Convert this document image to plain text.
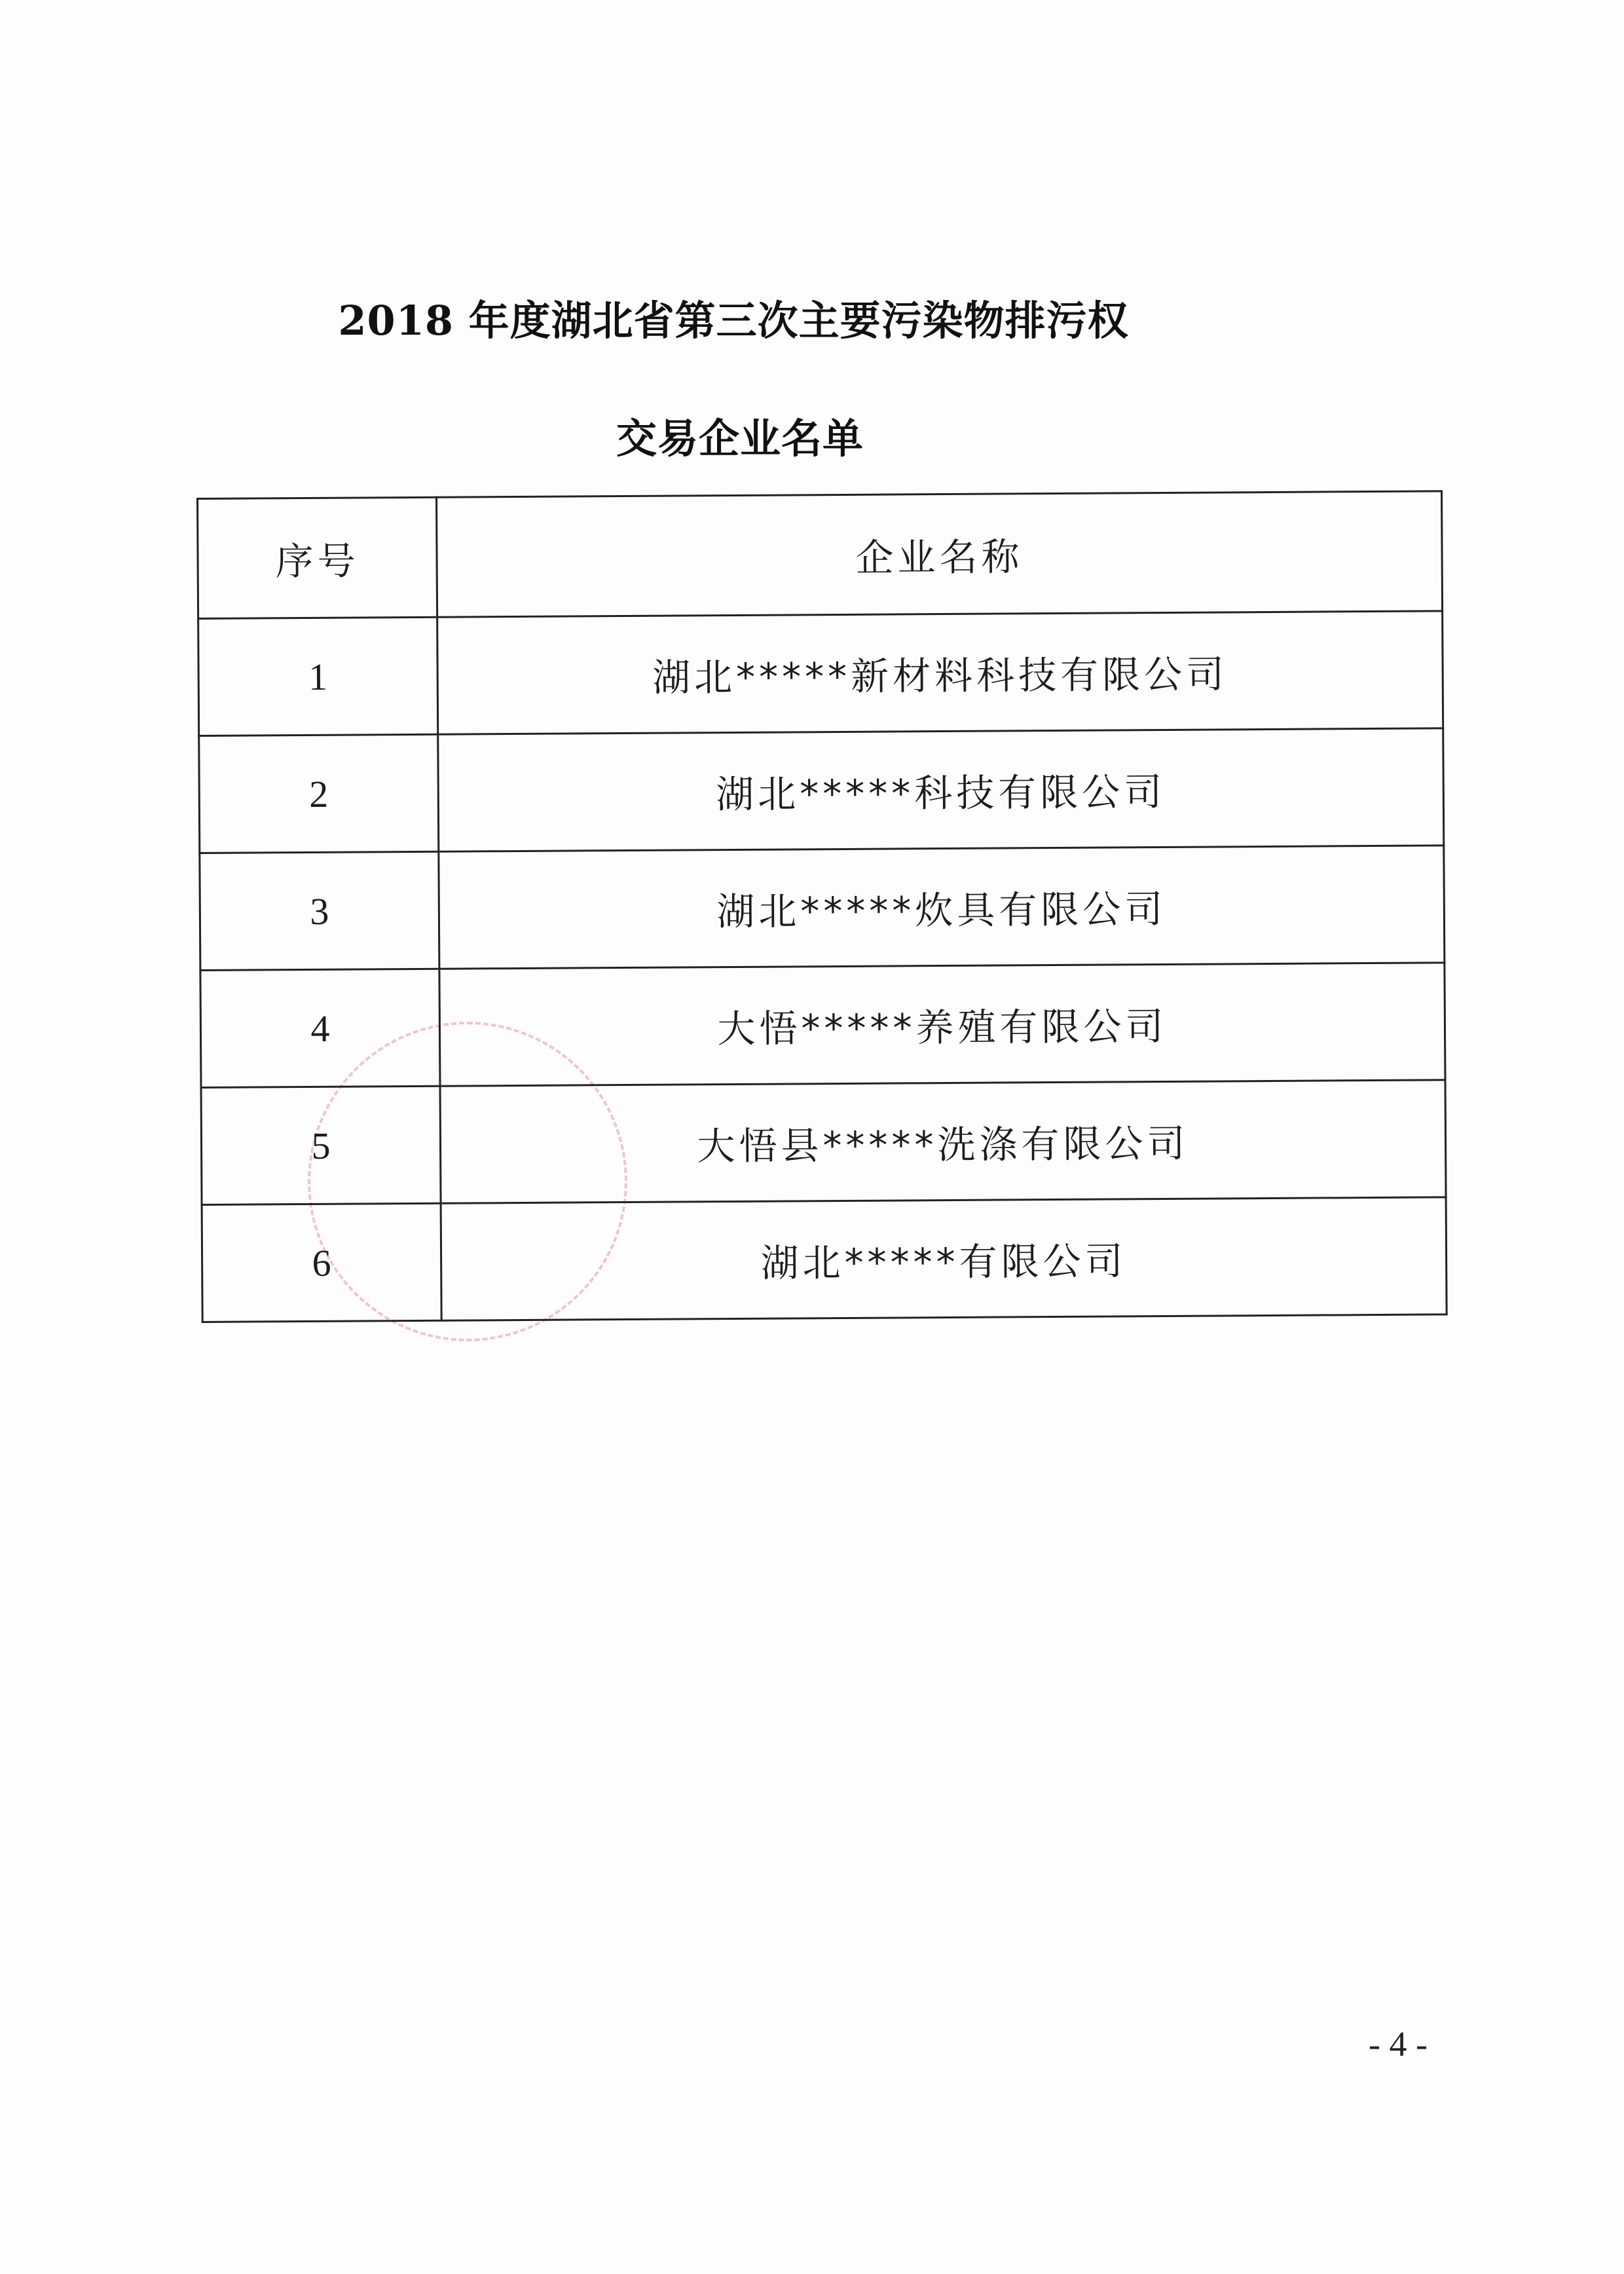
2018 年度湖北省第三次主要污染物排污权
交易企业名单
序号	企业名称
1	湖北*****新材料科技有限公司
2	湖北*****科技有限公司
3	湖北*****炊具有限公司
4	大悟*****养殖有限公司
5	大悟县*****洗涤有限公司
6	湖北*****有限公司
- 4 -
